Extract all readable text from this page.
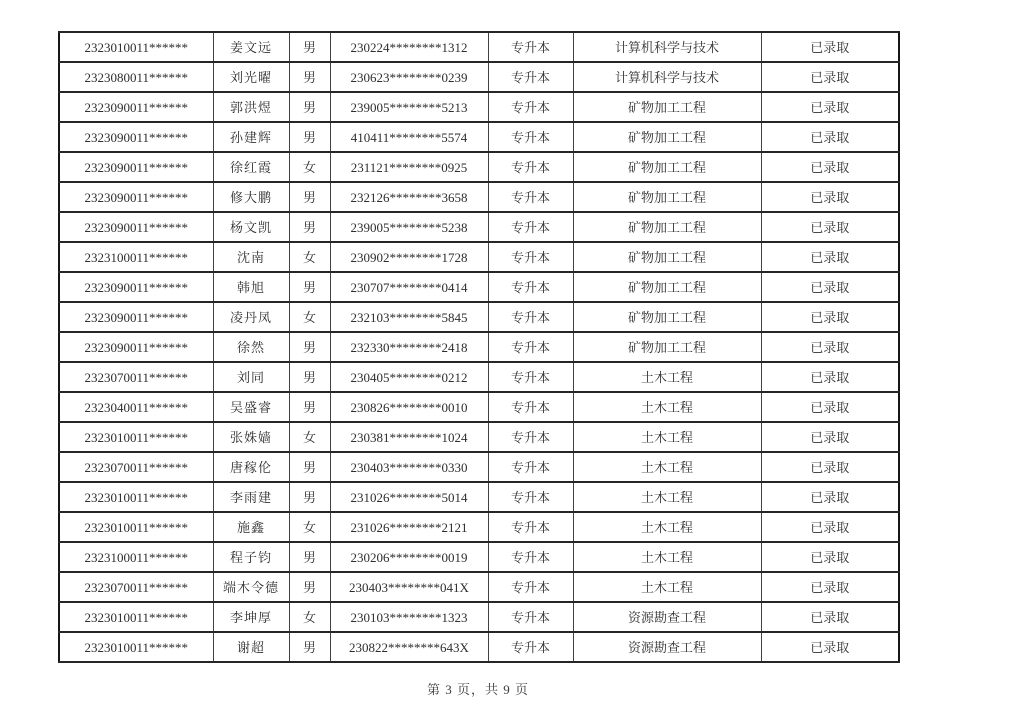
2323010011******	姜文远	男	230224********1312	专升本	计算机科学与技术	已录取
2323080011******	刘光曜	男	230623********0239	专升本	计算机科学与技术	已录取
2323090011******	郭洪煜	男	239005********5213	专升本	矿物加工工程	已录取
2323090011******	孙建辉	男	410411********5574	专升本	矿物加工工程	已录取
2323090011******	徐红霞	女	231121********0925	专升本	矿物加工工程	已录取
2323090011******	修大鹏	男	232126********3658	专升本	矿物加工工程	已录取
2323090011******	杨文凯	男	239005********5238	专升本	矿物加工工程	已录取
2323100011******	沈南	女	230902********1728	专升本	矿物加工工程	已录取
2323090011******	韩旭	男	230707********0414	专升本	矿物加工工程	已录取
2323090011******	凌丹凤	女	232103********5845	专升本	矿物加工工程	已录取
2323090011******	徐然	男	232330********2418	专升本	矿物加工工程	已录取
2323070011******	刘同	男	230405********0212	专升本	土木工程	已录取
2323040011******	吴盛睿	男	230826********0010	专升本	土木工程	已录取
2323010011******	张姝嫱	女	230381********1024	专升本	土木工程	已录取
2323070011******	唐稼伦	男	230403********0330	专升本	土木工程	已录取
2323010011******	李雨建	男	231026********5014	专升本	土木工程	已录取
2323010011******	施鑫	女	231026********2121	专升本	土木工程	已录取
2323100011******	程子钧	男	230206********0019	专升本	土木工程	已录取
2323070011******	端木令德	男	230403********041X	专升本	土木工程	已录取
2323010011******	李坤厚	女	230103********1323	专升本	资源勘查工程	已录取
2323010011******	谢超	男	230822********643X	专升本	资源勘查工程	已录取
第 3 页，共 9 页
